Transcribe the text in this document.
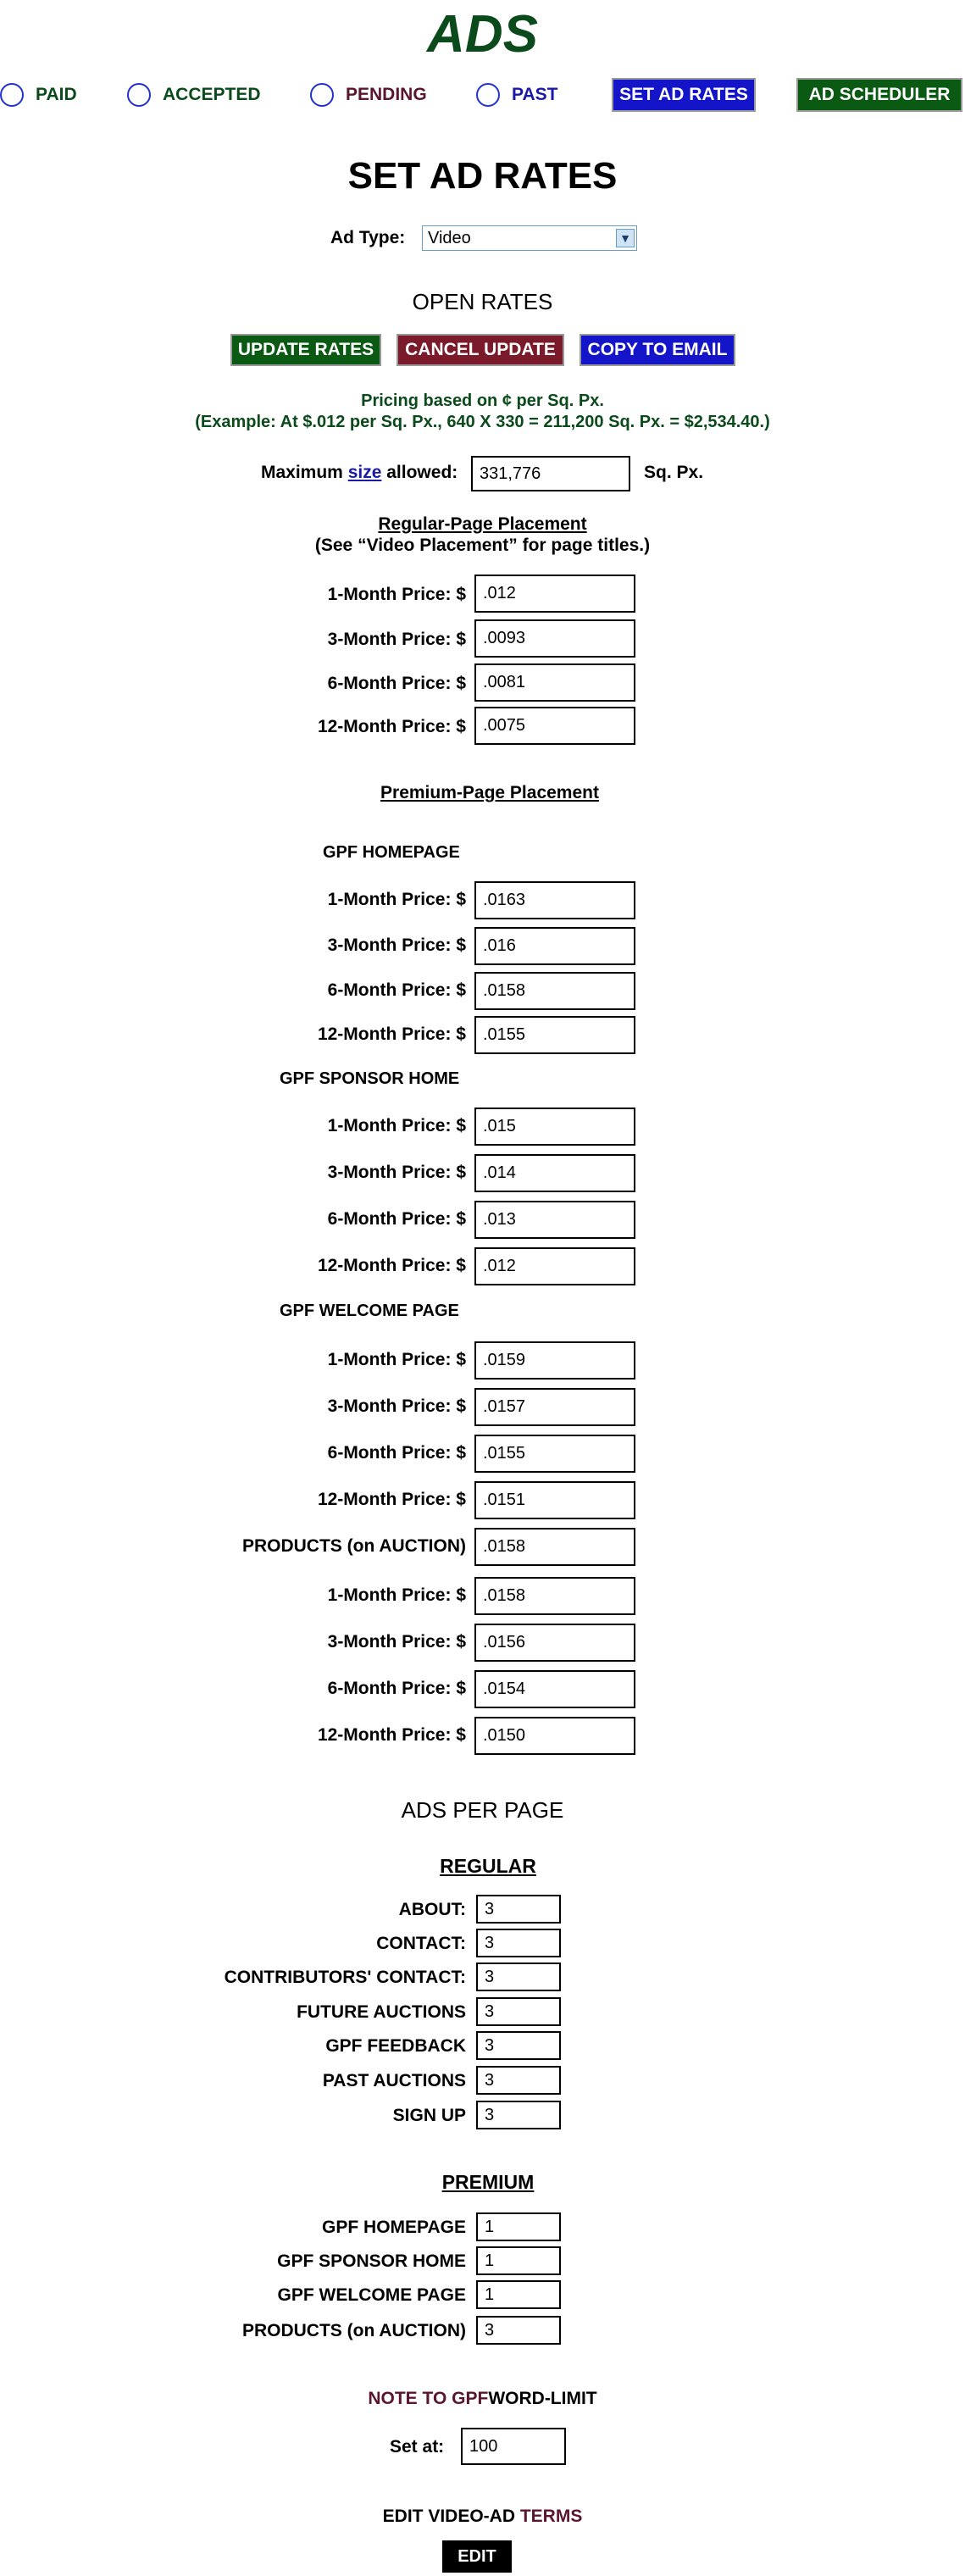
ADS
PAID	ACCEPTED	PENDING	PAST	SET AD RATES	AD SCHEDULER
SET AD RATES
Ad Type:	Video	▼
OPEN RATES
UPDATE RATES	CANCEL UPDATE	COPY TO EMAIL
Pricing based on ¢ per Sq. Px.
(Example: At $.012 per Sq. Px., 640 X 330 = 211,200 Sq. Px. = $2,534.40.)
Maximum size allowed: 331,776	Sq. Px.
Regular-Page Placement
(See “Video Placement” for page titles.)
1-Month Price: $ .012
3-Month Price: $ .0093
6-Month Price: $ .0081
12-Month Price: $ .0075
Premium-Page Placement
GPF HOMEPAGE
1-Month Price: $ .0163
3-Month Price: $ .016
6-Month Price: $ .0158
12-Month Price: $ .0155
GPF SPONSOR HOME
1-Month Price: $ .015
3-Month Price: $ .014
6-Month Price: $ .013
12-Month Price: $ .012
GPF WELCOME PAGE
1-Month Price: $ .0159
3-Month Price: $ .0157
6-Month Price: $ .0155
12-Month Price: $ .0151
PRODUCTS (on AUCTION) .0158
1-Month Price: $ .0158
3-Month Price: $ .0156
6-Month Price: $ .0154
12-Month Price: $ .0150
ADS PER PAGE
REGULAR
ABOUT: 3
CONTACT: 3
CONTRIBUTORS' CONTACT: 3
FUTURE AUCTIONS 3
GPF FEEDBACK 3
PAST AUCTIONS 3
SIGN UP 3
PREMIUM
GPF HOMEPAGE 1
GPF SPONSOR HOME 1
GPF WELCOME PAGE 1
PRODUCTS (on AUCTION) 3
NOTE TO GPFWORD-LIMIT
Set at: 100
EDIT VIDEO-AD TERMS
EDIT
